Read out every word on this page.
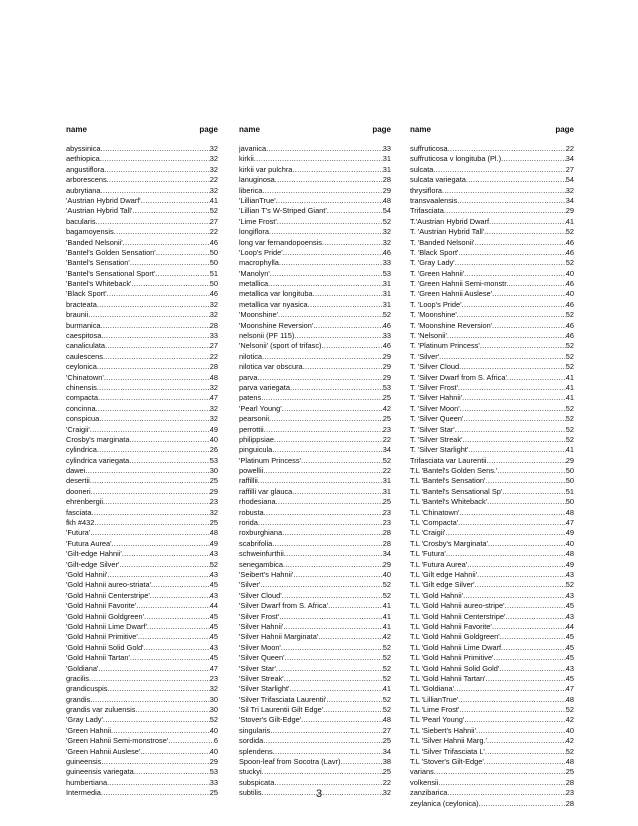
name	page
abyssinica .....	32
aethiopica .....	32
angustiflora .....	32
arborescens .....	22
aubrytiana .....	32
'Austrian Hybrid Dwarf' .....	41
'Austrian Hybrid Tall' .....	52
bacularis .....	27
bagamoyensis .....	22
'Banded Nelsonii' .....	46
'Bantel's Golden Sensation' .....	50
'Bantel's Sensation' .....	50
'Bantel's Sensational Sport' .....	51
'Bantel's Whiteback' .....	50
'Black Sport' .....	46
bracteata .....	32
braunii .....	32
burmanica .....	28
caespitosa .....	33
canaliculata .....	27
caulescens .....	22
ceylonica .....	28
'Chinatown' .....	48
chinensis .....	32
compacta .....	47
concinna .....	32
conspicua .....	32
'Craigii' .....	49
Crosby's marginata .....	40
cylindrica .....	26
cylindrica variegata .....	53
dawei .....	30
desertii .....	25
dooneri .....	29
ehrenbergii .....	23
fasciata .....	32
fkh #432 .....	25
'Futura' .....	48
'Futura Aurea' .....	49
'Gilt-edge Hahnii' .....	43
'Gilt-edge Silver' .....	52
'Gold Hahnii' .....	43
'Gold Hahnii aureo-striata' .....	45
'Gold Hahnii Centerstripe' .....	43
'Gold Hahnii Favorite' .....	44
'Gold Hahnii Goldgreen' .....	45
'Gold Hahnii Lime Dwarf' .....	45
'Gold Hahnii Primitive' .....	45
'Gold Hahnii Solid Gold' .....	43
'Gold Hahnii Tartan' .....	45
'Goldiana' .....	47
gracilis .....	23
grandicuspis .....	32
grandis .....	30
grandis var zuluensis .....	30
'Gray Lady' .....	52
'Green Hahnii .....	40
'Green Hahnii Semi-monstrose' .....	6
'Green Hahnii Auslese' .....	40
guineensis .....	29
guineensis variegata .....	53
humbertiana .....	33
Intermedia .....	25
name	page
javanica .....	33
kirkii .....	31
kirkii var pulchra .....	31
lanuginosa .....	28
liberica .....	29
'LillianTrue' .....	48
'Lillian T's W-Striped Giant' .....	54
'Lime Frost' .....	52
longiflora .....	32
long var fernandopoensis .....	32
'Loop's Pride' .....	46
macrophylla .....	33
'Manolyn' .....	53
metallica .....	31
metallica var longituba .....	31
metallica var nyasica .....	31
'Moonshine' .....	52
'Moonshine Reversion' .....	46
nelsonii (PF 115) .....	33
'Nelsonii' (sport of trifasc) .....	46
nilotica .....	29
nilotica var obscura .....	29
parva .....	29
parva variegata .....	53
patens .....	25
'Pearl Young' .....	42
pearsonii .....	25
perrottii .....	23
philippsiae .....	22
pinguicula .....	34
'Platinum Princess' .....	52
powellii .....	22
raffillii .....	31
raffilli var glauca .....	31
rhodesiana .....	25
robusta .....	23
rorida .....	23
roxburghiana .....	28
scabrifolia .....	28
schweinfurthii .....	34
senegambica .....	29
'Seibert's Hahnii' .....	40
'Silver' .....	52
'Silver Cloud' .....	52
'Silver Dwarf from S. Africa' .....	41
'Silver Frost' .....	41
'Silver Hahnii' .....	41
'Silver Hahnii Marginata' .....	42
'Silver Moon' .....	52
'Silver Queen' .....	52
'Silver Star' .....	52
'Silver Streak' .....	52
'Silver Starlight' .....	41
'Silver Trifasciata Laurentii' .....	52
'Sil Tri Laurentii Gilt Edge' .....	52
'Stover's Gilt-Edge' .....	48
singularis .....	27
sordida .....	25
splendens .....	34
Spoon-leaf from Socotra (Lavr) .....	38
stuckyi .....	25
subspicata .....	22
subtilis .....	32
name	page
suffruticosa .....	22
suffruticosa v longituba (Pl.) .....	34
sulcata .....	27
sulcata variegata .....	54
thrysiflora .....	32
transvaalensis .....	34
Trifasciata .....	29
T.'Austrian Hybrid Dwarf .....	41
T. 'Austrian Hybrid Tall' .....	52
T. 'Banded Nelsonii' .....	46
T. 'Black Sport' .....	46
T. 'Gray Lady' .....	52
T. 'Green Hahnii' .....	40
T. 'Green Hahnii Semi-monstr. .....	46
T. 'Green Hahnii Auslese' .....	40
T. 'Loop's Pride' .....	46
T. 'Moonshine' .....	52
T. 'Moonshine Reversion' .....	46
T. 'Nelsonii' .....	46
T. 'Platinum Princess' .....	52
T. 'Silver' .....	52
T. 'Silver Cloud .....	52
T. 'Silver Dwarf from S. Africa' .....	41
T. 'Silver Frost' .....	41
T. 'Silver Hahnii' .....	41
T. 'Silver Moon' .....	52
T. 'Silver Queen' .....	52
T. 'Silver Star' .....	52
T. 'Silver Streak' .....	52
T. 'Silver Starlight' .....	41
Trifasciata var Laurentii .....	29
T.L 'Bantel's Golden Sens.' .....	50
T.L 'Bantel's Sensation' .....	50
T.L 'Bantel's Sensational Sp' .....	51
T.L 'Bantel's Whiteback' .....	50
T.L 'Chinatown' .....	48
T.L 'Compacta' .....	47
T.L 'Craigii' .....	49
T.L 'Crosby's Marginata' .....	40
T.L 'Futura' .....	48
T.L 'Futura Aurea' .....	49
T.L 'Gilt edge Hahnii' .....	43
T.L 'Gilt edge Silver' .....	52
T.L 'Gold Hahnii' .....	43
T.L 'Gold Hahnii aureo-stripe' .....	45
T.L 'Gold Hahnii Centerstripe' .....	43
T.L 'Gold Hahnii Favorite' .....	44
T.L 'Gold Hahnii Goldgreen' .....	45
T.L 'Gold Hahnii Lime Dwarf .....	45
T.L 'Gold Hahnii Primitive' .....	45
T.L 'Gold Hahnii Solid Gold' .....	43
T.L 'Gold Hahnii Tartan' .....	45
T.L 'Goldiana' .....	47
T.L 'LillianTrue' .....	48
T.L 'Lime Frost' .....	52
T.L 'Pearl Young' .....	42
T.L 'Siebert's Hahnii' .....	40
T.L 'Silver Hahnii Marg.' .....	42
T.L 'Silver Trifasciata L' .....	52
T.L 'Stover's Gilt-Edge' .....	48
varians .....	25
volkensii .....	28
zanzibarica .....	23
zeylanica (ceylonica) .....	28
3
